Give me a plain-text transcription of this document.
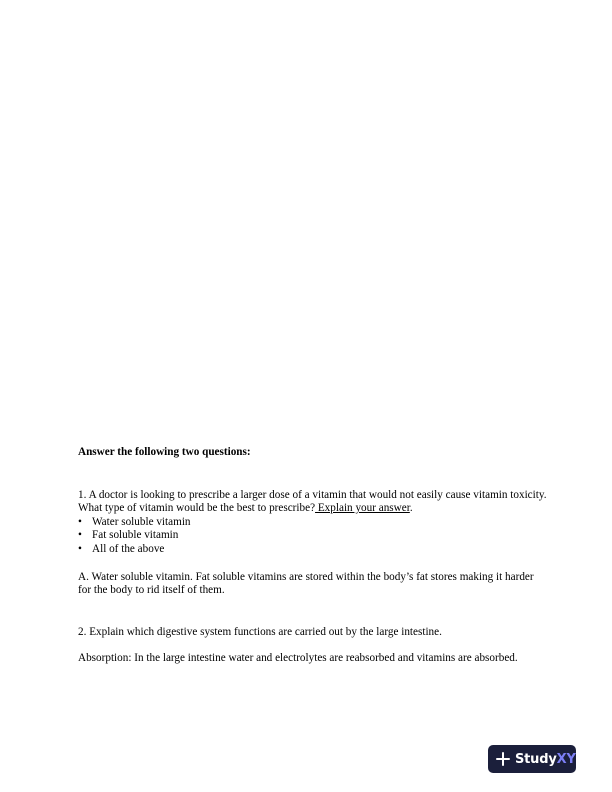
Answer the following two questions:

1. A doctor is looking to prescribe a larger dose of a vitamin that would not easily cause vitamin toxicity. What type of vitamin would be the best to prescribe? Explain your answer.

• Water soluble vitamin
• Fat soluble vitamin
• All of the above

A. Water soluble vitamin. Fat soluble vitamins are stored within the body’s fat stores making it harder for the body to rid itself of them.

2. Explain which digestive system functions are carried out by the large intestine.

Absorption: In the large intestine water and electrolytes are reabsorbed and vitamins are absorbed.

StudyXY
